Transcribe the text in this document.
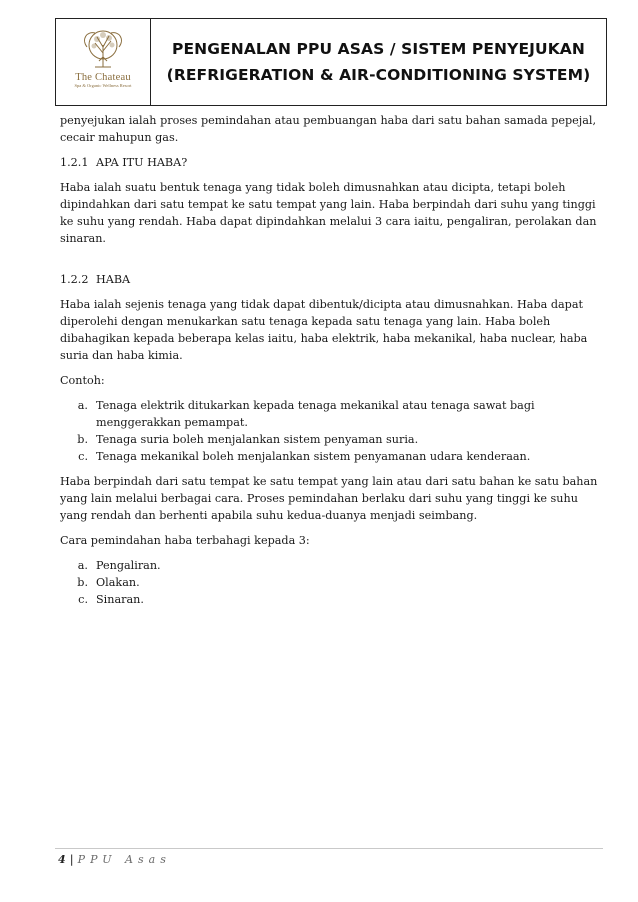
The Chateau
Spa & Organic Wellness Resort
PENGENALAN PPU ASAS / SISTEM PENYEJUKAN
(REFRIGERATION & AIR-CONDITIONING SYSTEM)

penyejukan ialah proses pemindahan atau pembuangan haba dari satu bahan samada pepejal, cecair mahupun gas.

1.2.1 APA ITU HABA?

Haba ialah suatu bentuk tenaga yang tidak boleh dimusnahkan atau dicipta, tetapi boleh dipindahkan dari satu tempat ke satu tempat yang lain. Haba berpindah dari suhu yang tinggi ke suhu yang rendah. Haba dapat dipindahkan melalui 3 cara iaitu, pengaliran, perolakan dan sinaran.

1.2.2 HABA

Haba ialah sejenis tenaga yang tidak dapat dibentuk/dicipta atau dimusnahkan. Haba dapat diperolehi dengan menukarkan satu tenaga kepada satu tenaga yang lain. Haba boleh dibahagikan kepada beberapa kelas iaitu, haba elektrik, haba mekanikal, haba nuclear, haba suria dan haba kimia.

Contoh:

a. Tenaga elektrik ditukarkan kepada tenaga mekanikal atau tenaga sawat bagi menggerakkan pemampat.
b. Tenaga suria boleh menjalankan sistem penyaman suria.
c. Tenaga mekanikal boleh menjalankan sistem penyamanan udara kenderaan.

Haba berpindah dari satu tempat ke satu tempat yang lain atau dari satu bahan ke satu bahan yang lain melalui berbagai cara. Proses pemindahan berlaku dari suhu yang tinggi ke suhu yang rendah dan berhenti apabila suhu kedua-duanya menjadi seimbang.

Cara pemindahan haba terbahagi kepada 3:

a. Pengaliran.
b. Olakan.
c. Sinaran.
4 | PPU Asas
